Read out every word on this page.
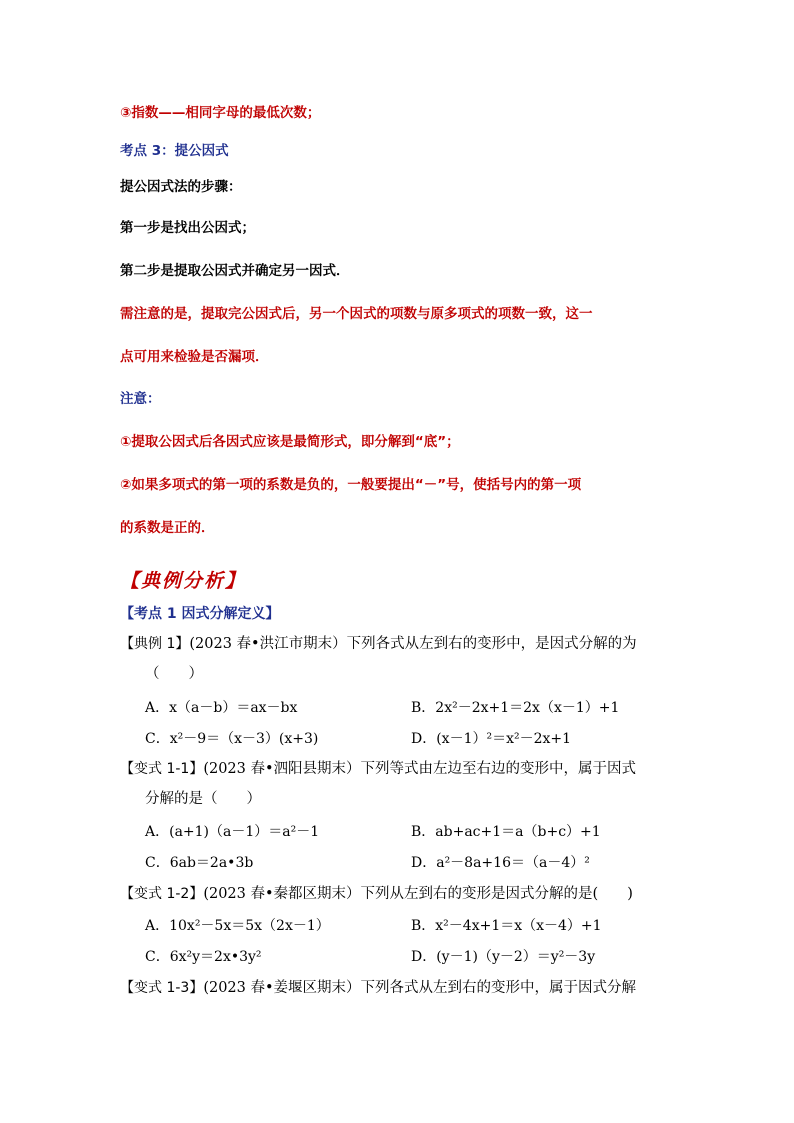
③指数——相同字母的最低次数；
考点 3：提公因式
提公因式法的步骤：
第一步是找出公因式；
第二步是提取公因式并确定另一因式．
需注意的是，提取完公因式后，另一个因式的项数与原多项式的项数一致，这一
点可用来检验是否漏项．
注意：
①提取公因式后各因式应该是最简形式，即分解到“底”；
②如果多项式的第一项的系数是负的，一般要提出“－”号，使括号内的第一项
的系数是正的．
【典例分析】
【考点 1 因式分解定义】
【典例 1】(2023 春•洪江市期末）下列各式从左到右的变形中，是因式分解的为
（　　）
A．x（a－b）＝ax－bx	B．2x²－2x+1＝2x（x－1）+1
C．x²－9＝（x－3）(x+3)	D．(x－1）²＝x²－2x+1
【变式 1-1】(2023 春•泗阳县期末）下列等式由左边至右边的变形中，属于因式
分解的是（　　）
A．(a+1)（a－1）＝a²－1	B．ab+ac+1＝a（b+c）+1
C．6ab＝2a•3b	D．a²－8a+16＝（a－4）²
【变式 1-2】(2023 春•秦都区期末）下列从左到右的变形是因式分解的是(　　)
A．10x²－5x＝5x（2x－1）	B．x²－4x+1＝x（x－4）+1
C．6x²y＝2x•3y²	D．(y－1)（y－2）＝y²－3y
【变式 1-3】(2023 春•姜堰区期末）下列各式从左到右的变形中，属于因式分解
